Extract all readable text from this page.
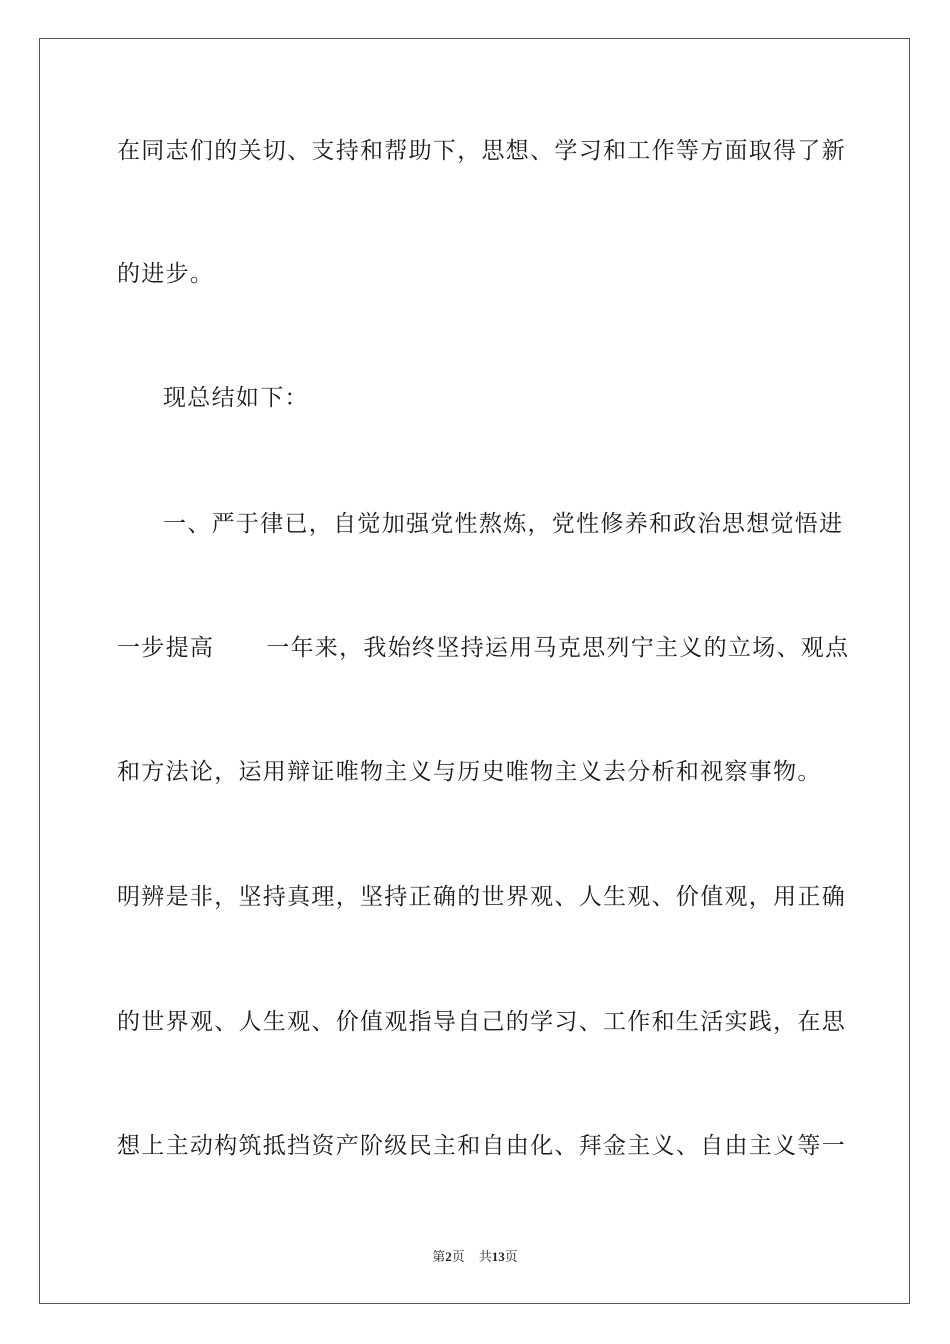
在同志们的关切、支持和帮助下，思想、学习和工作等方面取得了新
的进步。
现总结如下：
一、严于律已，自觉加强党性熬炼，党性修养和政治思想觉悟进
一步提高 一年来，我始终坚持运用马克思列宁主义的立场、观点
和方法论，运用辩证唯物主义与历史唯物主义去分析和视察事物。
明辨是非，坚持真理，坚持正确的世界观、人生观、价值观，用正确
的世界观、人生观、价值观指导自己的学习、工作和生活实践，在思
想上主动构筑抵挡资产阶级民主和自由化、拜金主义、自由主义等一
第2页 共13页
